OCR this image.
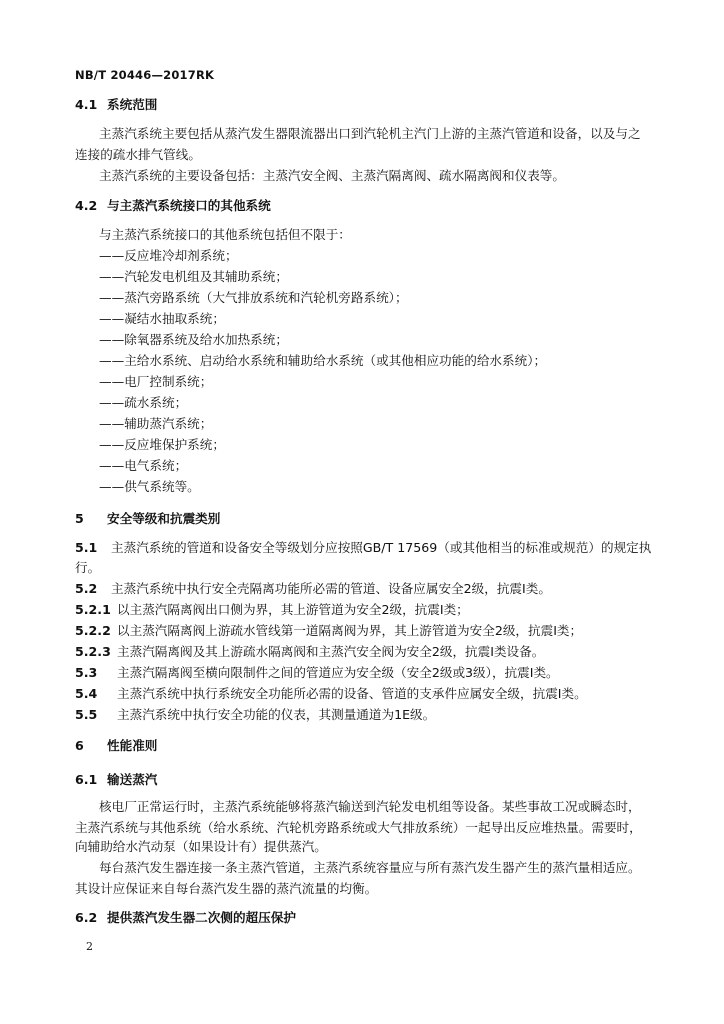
NB/T 20446—2017RK
4.1 系统范围
主蒸汽系统主要包括从蒸汽发生器限流器出口到汽轮机主汽门上游的主蒸汽管道和设备，以及与之
连接的疏水排气管线。
主蒸汽系统的主要设备包括：主蒸汽安全阀、主蒸汽隔离阀、疏水隔离阀和仪表等。
4.2 与主蒸汽系统接口的其他系统
与主蒸汽系统接口的其他系统包括但不限于：
——反应堆冷却剂系统；
——汽轮发电机组及其辅助系统；
——蒸汽旁路系统（大气排放系统和汽轮机旁路系统）；
——凝结水抽取系统；
——除氧器系统及给水加热系统；
——主给水系统、启动给水系统和辅助给水系统（或其他相应功能的给水系统）；
——电厂控制系统；
——疏水系统；
——辅助蒸汽系统；
——反应堆保护系统；
——电气系统；
——供气系统等。
5 安全等级和抗震类别
5.1 主蒸汽系统的管道和设备安全等级划分应按照GB/T 17569（或其他相当的标准或规范）的规定执
行。
5.2 主蒸汽系统中执行安全壳隔离功能所必需的管道、设备应属安全2级，抗震Ⅰ类。
5.2.1 以主蒸汽隔离阀出口侧为界，其上游管道为安全2级，抗震Ⅰ类；
5.2.2 以主蒸汽隔离阀上游疏水管线第一道隔离阀为界，其上游管道为安全2级，抗震Ⅰ类；
5.2.3 主蒸汽隔离阀及其上游疏水隔离阀和主蒸汽安全阀为安全2级，抗震Ⅰ类设备。
5.3 主蒸汽隔离阀至横向限制件之间的管道应为安全级（安全2级或3级），抗震Ⅰ类。
5.4 主蒸汽系统中执行系统安全功能所必需的设备、管道的支承件应属安全级，抗震Ⅰ类。
5.5 主蒸汽系统中执行安全功能的仪表，其测量通道为1E级。
6 性能准则
6.1 输送蒸汽
核电厂正常运行时，主蒸汽系统能够将蒸汽输送到汽轮发电机组等设备。某些事故工况或瞬态时，
主蒸汽系统与其他系统（给水系统、汽轮机旁路系统或大气排放系统）一起导出反应堆热量。需要时，
向辅助给水汽动泵（如果设计有）提供蒸汽。
每台蒸汽发生器连接一条主蒸汽管道，主蒸汽系统容量应与所有蒸汽发生器产生的蒸汽量相适应。
其设计应保证来自每台蒸汽发生器的蒸汽流量的均衡。
6.2 提供蒸汽发生器二次侧的超压保护
2
